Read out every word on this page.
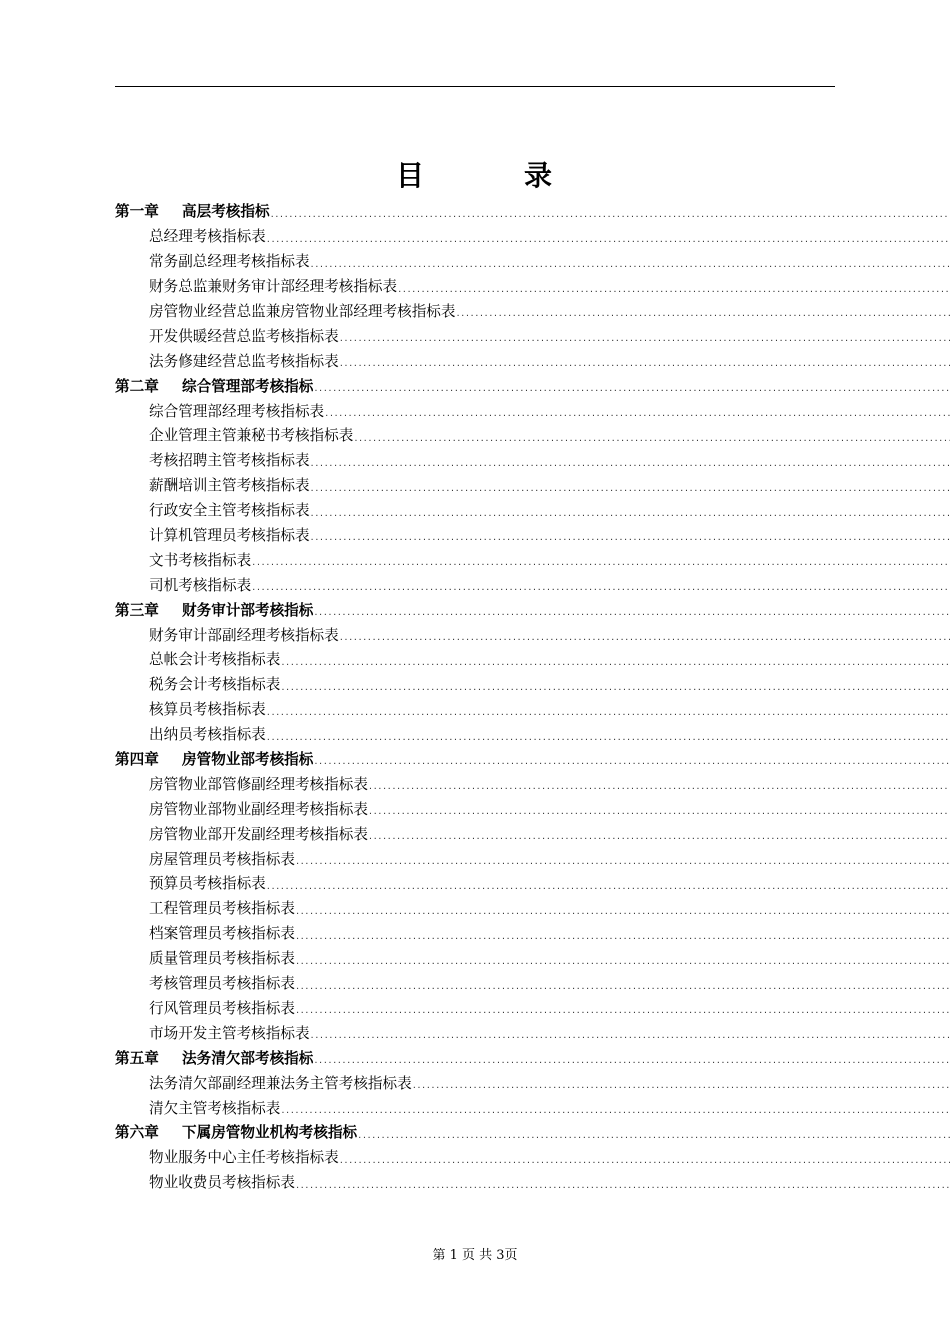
目　录
第一章 高层考核指标
.....
总经理考核指标表
.....
常务副总经理考核指标表
.....
财务总监兼财务审计部经理考核指标表
.....
房管物业经营总监兼房管物业部经理考核指标表
.....
开发供暖经营总监考核指标表
.....
法务修建经营总监考核指标表
.....
第二章 综合管理部考核指标
.....
综合管理部经理考核指标表
.....
企业管理主管兼秘书考核指标表
.....
考核招聘主管考核指标表
.....
薪酬培训主管考核指标表
.....
行政安全主管考核指标表
.....
计算机管理员考核指标表
.....
文书考核指标表
.....
司机考核指标表
.....
第三章 财务审计部考核指标
.....
财务审计部副经理考核指标表
.....
总帐会计考核指标表
.....
税务会计考核指标表
.....
核算员考核指标表
.....
出纳员考核指标表
.....
第四章 房管物业部考核指标
.....
房管物业部管修副经理考核指标表
.....
房管物业部物业副经理考核指标表
.....
房管物业部开发副经理考核指标表
.....
房屋管理员考核指标表
.....
预算员考核指标表
.....
工程管理员考核指标表
.....
档案管理员考核指标表
.....
质量管理员考核指标表
.....
考核管理员考核指标表
.....
行风管理员考核指标表
.....
市场开发主管考核指标表
.....
第五章 法务清欠部考核指标
.....
法务清欠部副经理兼法务主管考核指标表
.....
清欠主管考核指标表
.....
第六章 下属房管物业机构考核指标
.....
物业服务中心主任考核指标表
.....
物业收费员考核指标表
.....
第 1 页 共 3页
